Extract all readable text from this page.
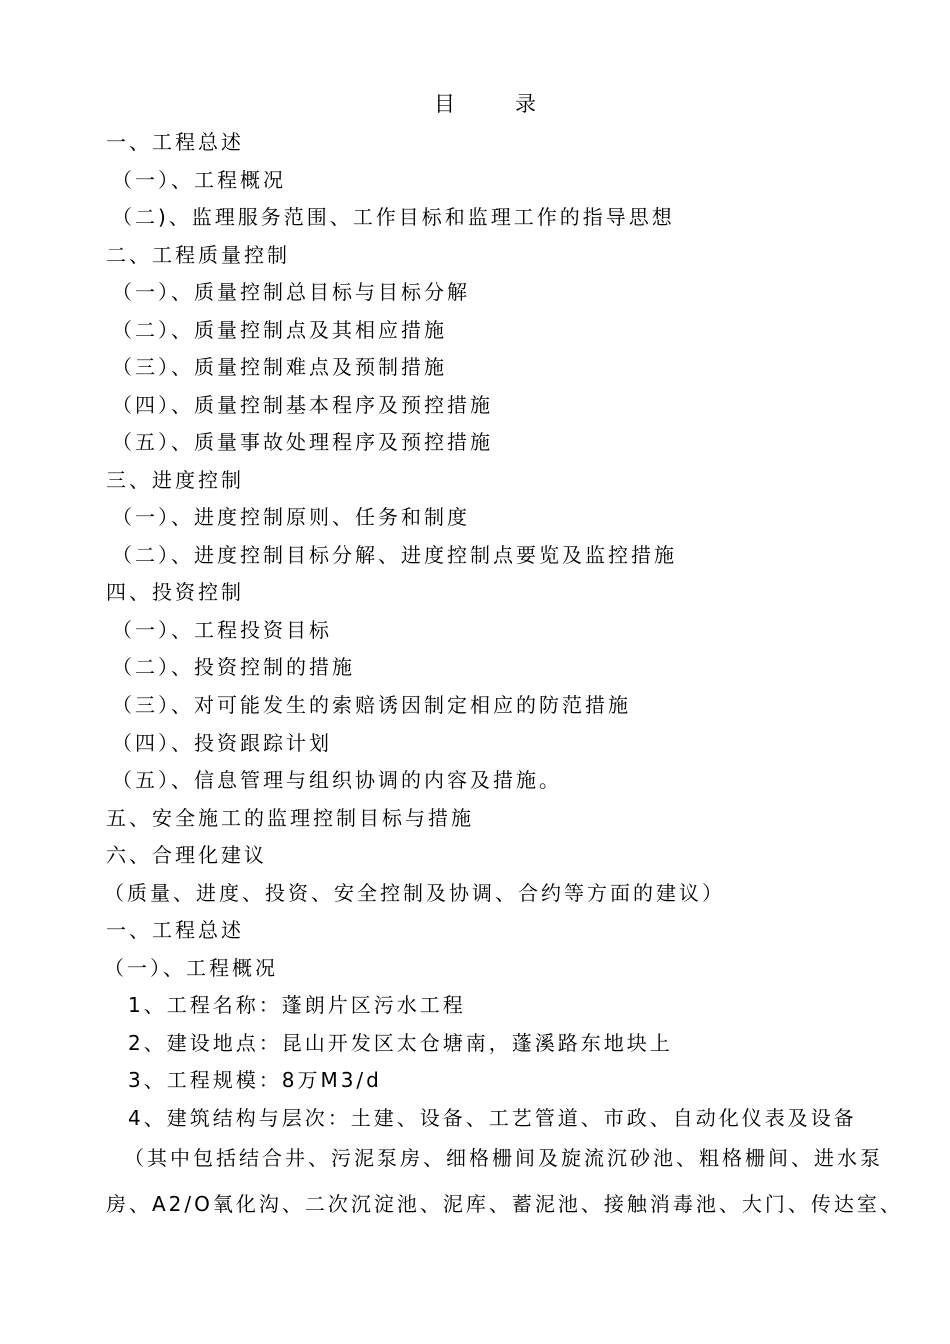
目	录
一、工程总述
（一）、工程概况
（二)、监理服务范围、工作目标和监理工作的指导思想
二、工程质量控制
（一）、质量控制总目标与目标分解
（二）、质量控制点及其相应措施
（三）、质量控制难点及预制措施
（四）、质量控制基本程序及预控措施
（五）、质量事故处理程序及预控措施
三、进度控制
（一）、进度控制原则、任务和制度
（二）、进度控制目标分解、进度控制点要览及监控措施
四、投资控制
（一）、工程投资目标
（二）、投资控制的措施
（三）、对可能发生的索赔诱因制定相应的防范措施
（四）、投资跟踪计划
（五）、信息管理与组织协调的内容及措施。
五、安全施工的监理控制目标与措施
六、合理化建议
（质量、进度、投资、安全控制及协调、合约等方面的建议）
一、工程总述
（一）、工程概况
1、工程名称：蓬朗片区污水工程
2、建设地点：昆山开发区太仓塘南，蓬溪路东地块上
3、工程规模：8万M3/d
4、建筑结构与层次：土建、设备、工艺管道、市政、自动化仪表及设备
（其中包括结合井、污泥泵房、细格栅间及旋流沉砂池、粗格栅间、进水泵
房、A2/O氧化沟、二次沉淀池、泥库、蓄泥池、接触消毒池、大门、传达室、
